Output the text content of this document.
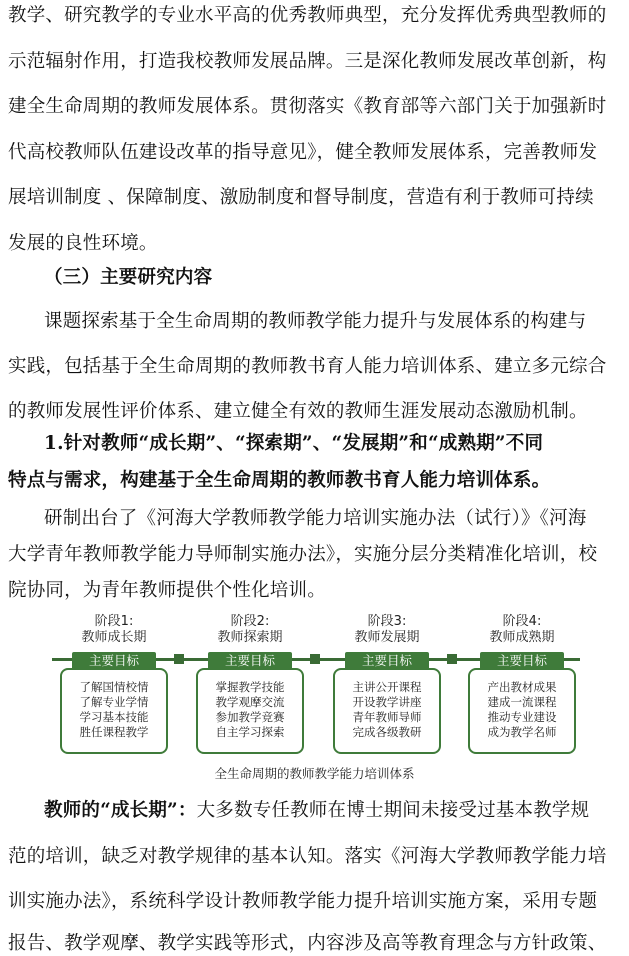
教学、研究教学的专业水平高的优秀教师典型，充分发挥优秀典型教师的
示范辐射作用，打造我校教师发展品牌。三是深化教师发展改革创新，构
建全生命周期的教师发展体系。贯彻落实《教育部等六部门关于加强新时
代高校教师队伍建设改革的指导意见》，健全教师发展体系，完善教师发
展培训制度 、保障制度、激励制度和督导制度，营造有利于教师可持续
发展的良性环境。
（三）主要研究内容
课题探索基于全生命周期的教师教学能力提升与发展体系的构建与
实践，包括基于全生命周期的教师教书育人能力培训体系、建立多元综合
的教师发展性评价体系、建立健全有效的教师生涯发展动态激励机制。
1.针对教师“成长期”、“探索期”、“发展期”和“成熟期”不同
特点与需求，构建基于全生命周期的教师教书育人能力培训体系。
研制出台了《河海大学教师教学能力培训实施办法（试行）》《河海
大学青年教师教学能力导师制实施办法》，实施分层分类精准化培训，校
院协同，为青年教师提供个性化培训。
阶段1:
教师成长期
主要目标
了解国情校情
了解专业学情
学习基本技能
胜任课程教学
阶段2:
教师探索期
主要目标
掌握教学技能
教学观摩交流
参加教学竞赛
自主学习探索
阶段3:
教师发展期
主要目标
主讲公开课程
开设教学讲座
青年教师导师
完成各级教研
阶段4:
教师成熟期
主要目标
产出教材成果
建成一流课程
推动专业建设
成为教学名师
全生命周期的教师教学能力培训体系
教师的“成长期”：大多数专任教师在博士期间未接受过基本教学规
范的培训，缺乏对教学规律的基本认知。落实《河海大学教师教学能力培
训实施办法》，系统科学设计教师教学能力提升培训实施方案，采用专题
报告、教学观摩、教学实践等形式，内容涉及高等教育理念与方针政策、
